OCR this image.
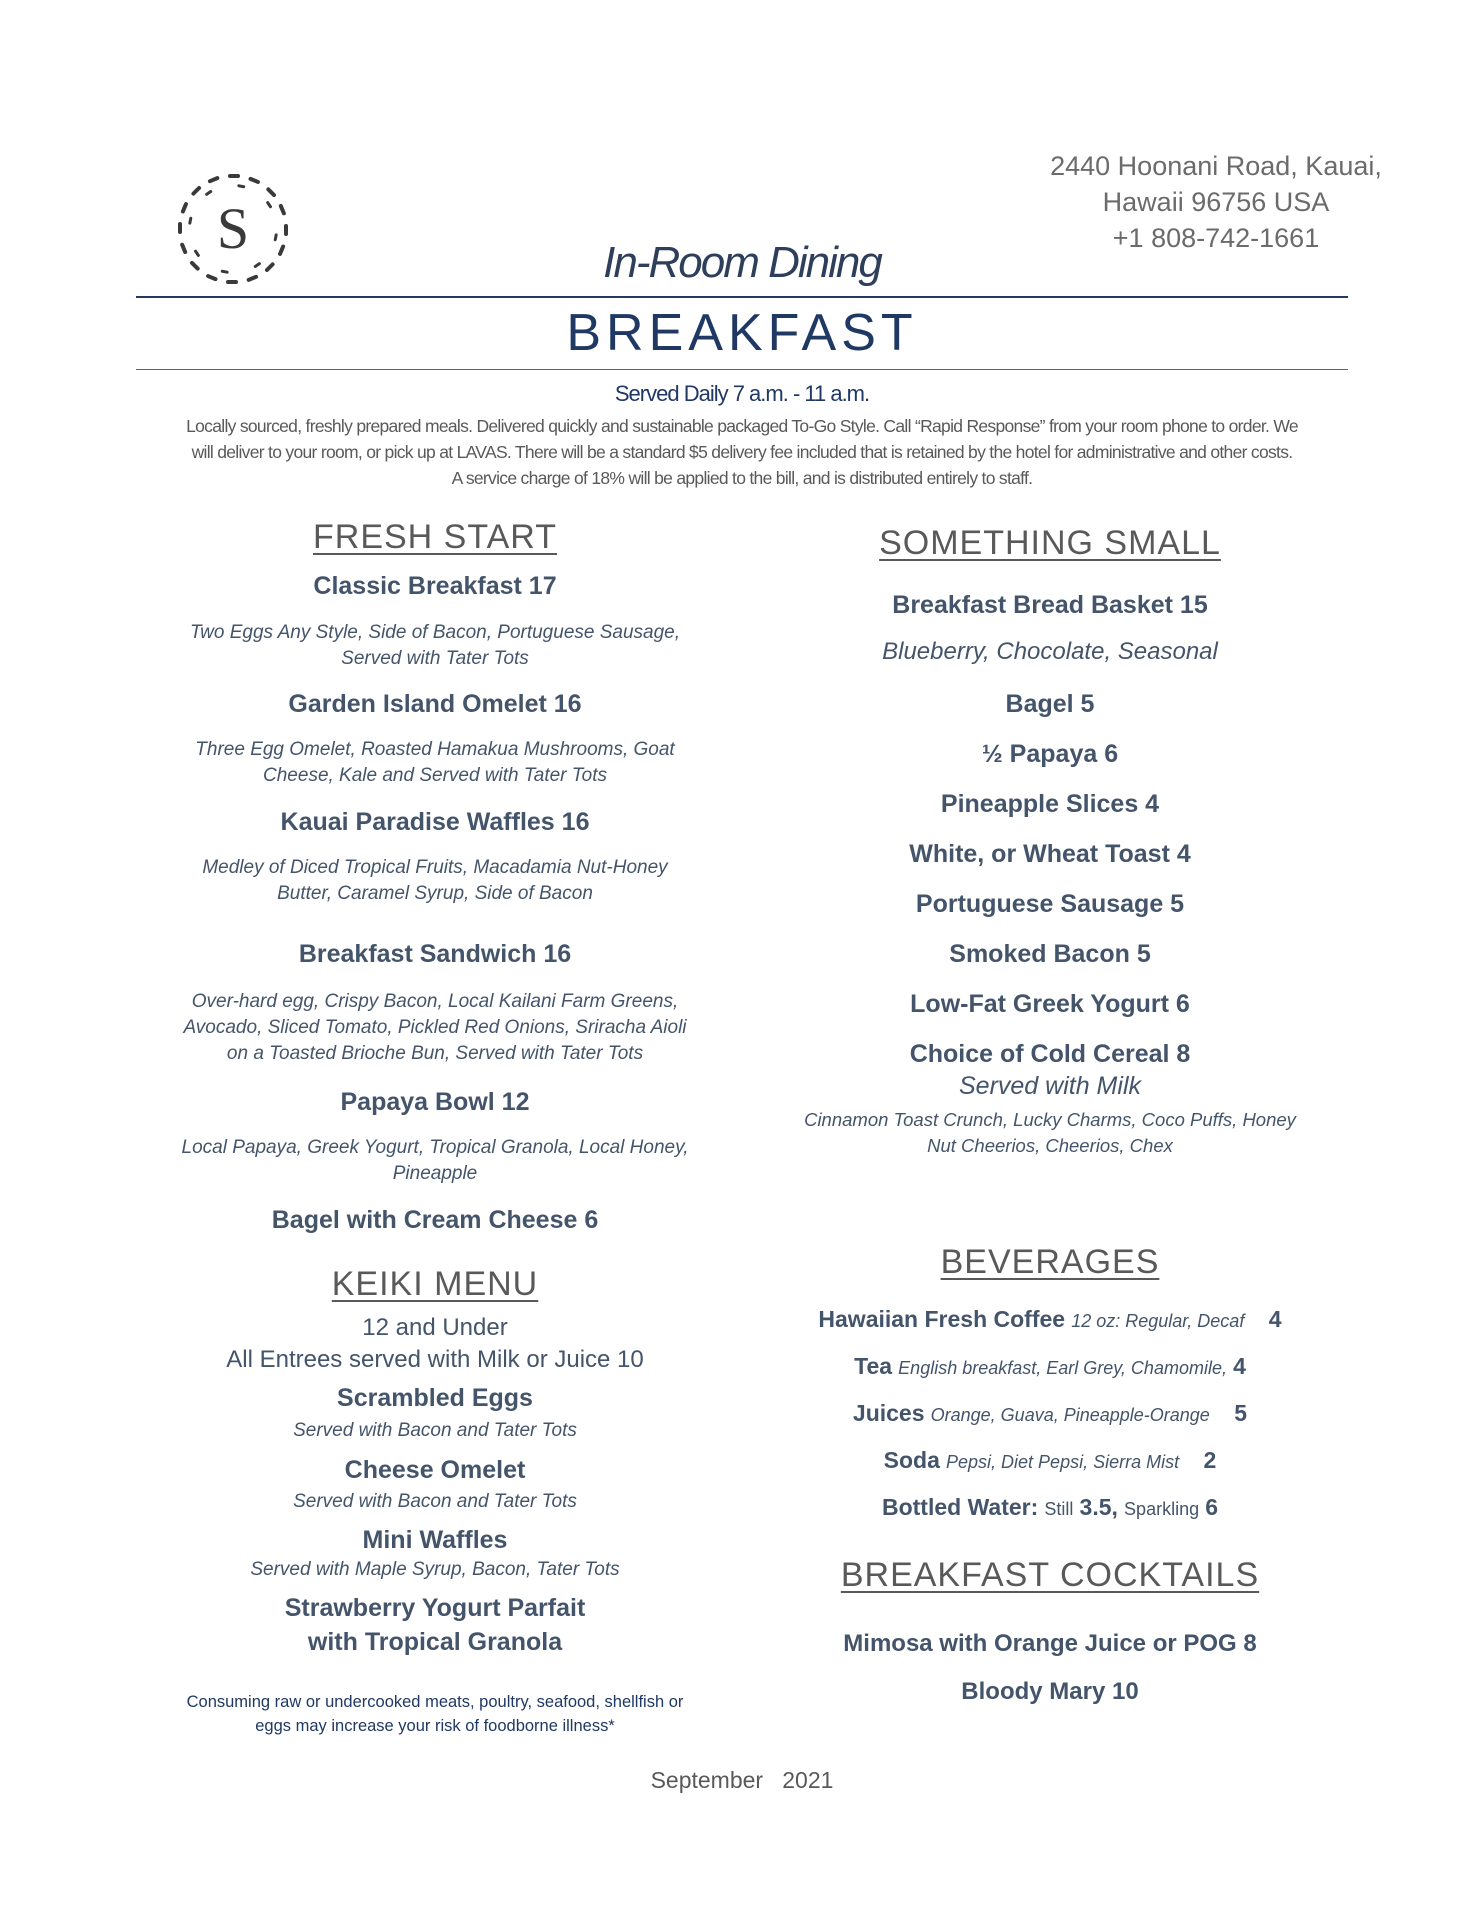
S
2440 Hoonani Road, Kauai,
Hawaii 96756 USA
+1 808-742-1661
In-Room Dining
BREAKFAST
Served Daily 7 a.m. - 11 a.m.
Locally sourced, freshly prepared meals. Delivered quickly and sustainable packaged To-Go Style. Call “Rapid Response” from your room phone to order. We
will deliver to your room, or pick up at LAVAS. There will be a standard $5 delivery fee included that is retained by the hotel for administrative and other costs.
A service charge of 18% will be applied to the bill, and is distributed entirely to staff.
FRESH START
Classic Breakfast 17
Two Eggs Any Style, Side of Bacon, Portuguese Sausage,
Served with Tater Tots
Garden Island Omelet 16
Three Egg Omelet, Roasted Hamakua Mushrooms, Goat
Cheese, Kale and Served with Tater Tots
Kauai Paradise Waffles 16
Medley of Diced Tropical Fruits, Macadamia Nut-Honey
Butter, Caramel Syrup, Side of Bacon
Breakfast Sandwich 16
Over-hard egg, Crispy Bacon, Local Kailani Farm Greens,
Avocado, Sliced Tomato, Pickled Red Onions, Sriracha Aioli
on a Toasted Brioche Bun, Served with Tater Tots
Papaya Bowl 12
Local Papaya, Greek Yogurt, Tropical Granola, Local Honey,
Pineapple
Bagel with Cream Cheese 6
KEIKI MENU
12 and Under
All Entrees served with Milk or Juice 10
Scrambled Eggs
Served with Bacon and Tater Tots
Cheese Omelet
Served with Bacon and Tater Tots
Mini Waffles
Served with Maple Syrup, Bacon, Tater Tots
Strawberry Yogurt Parfait
with Tropical Granola
Consuming raw or undercooked meats, poultry, seafood, shellfish or
eggs may increase your risk of foodborne illness*
SOMETHING SMALL
Breakfast Bread Basket 15
Blueberry, Chocolate, Seasonal
Bagel 5
½ Papaya 6
Pineapple Slices 4
White, or Wheat Toast 4
Portuguese Sausage 5
Smoked Bacon 5
Low-Fat Greek Yogurt 6
Choice of Cold Cereal 8
Served with Milk
Cinnamon Toast Crunch, Lucky Charms, Coco Puffs, Honey
Nut Cheerios, Cheerios, Chex
BEVERAGES
Hawaiian Fresh Coffee 12 oz: Regular, Decaf 4
Tea English breakfast, Earl Grey, Chamomile, 4
Juices Orange, Guava, Pineapple-Orange 5
Soda Pepsi, Diet Pepsi, Sierra Mist 2
Bottled Water: Still 3.5, Sparkling 6
BREAKFAST COCKTAILS
Mimosa with Orange Juice or POG 8
Bloody Mary 10
September   2021
